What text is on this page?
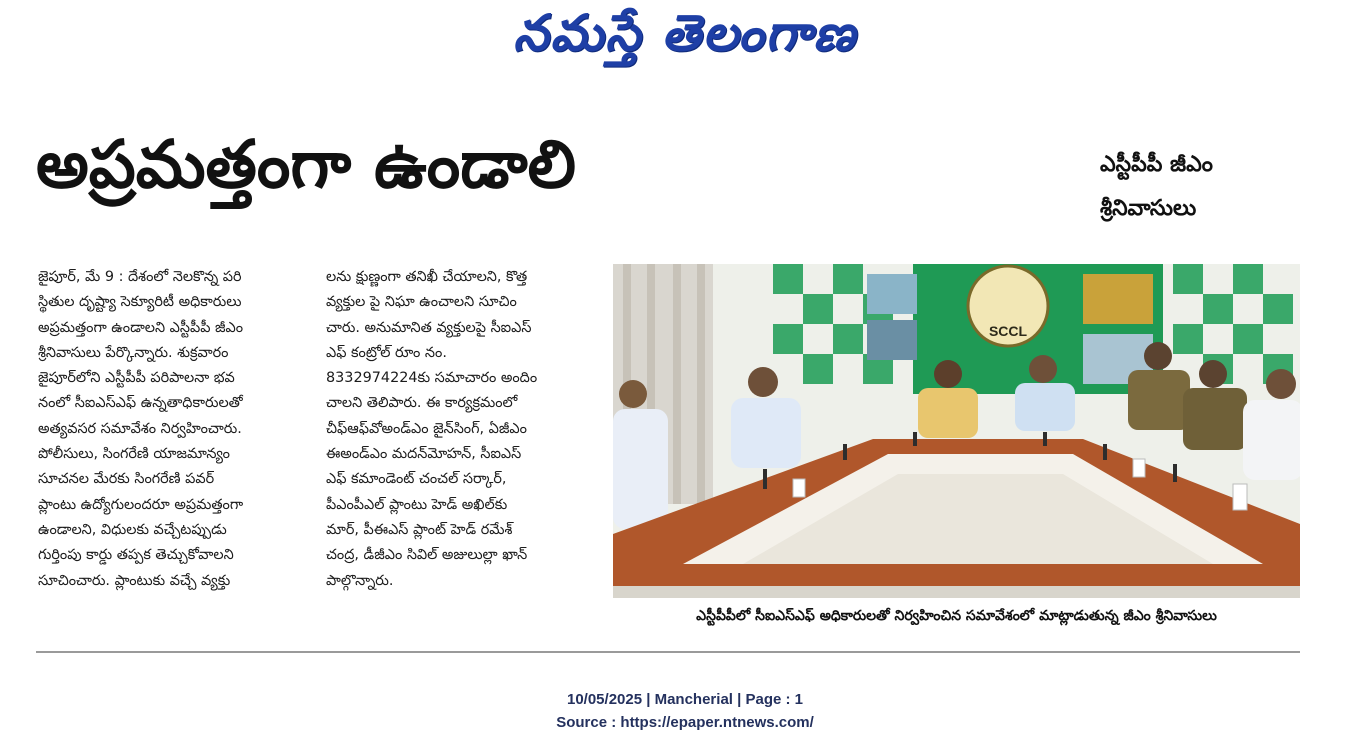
నమస్తే తెలంగాణ
అప్రమత్తంగా ఉండాలి	ఎస్టీపీపీ జీఎం
శ్రీనివాసులు
జైపూర్, మే 9 : దేశంలో నెలకొన్న పరి
స్థితుల దృష్ట్యా సెక్యూరిటీ అధికారులు
అప్రమత్తంగా ఉండాలని ఎస్టీపీపీ జీఎం
శ్రీనివాసులు పేర్కొన్నారు. శుక్రవారం
జైపూర్‌లోని ఎస్టీపీపీ పరిపాలనా భవ
నంలో సీఐఎస్ఎఫ్ ఉన్నతాధికారులతో
అత్యవసర సమావేశం నిర్వహించారు.
పోలీసులు, సింగరేణి యాజమాన్యం
సూచనల మేరకు సింగరేణి పవర్
ప్లాంటు ఉద్యోగులందరూ అప్రమత్తంగా
ఉండాలని, విధులకు వచ్చేటప్పుడు
గుర్తింపు కార్డు తప్పక తెచ్చుకోవాలని
సూచించారు. ప్లాంటుకు వచ్చే వ్యక్తు
లను క్షుణ్ణంగా తనిఖీ చేయాలని, కొత్త
వ్యక్తుల పై నిఘా ఉంచాలని సూచిం
చారు. అనుమానిత వ్యక్తులపై సీఐఎస్
ఎఫ్ కంట్రోల్ రూం నం.
8332974224కు సమాచారం అందిం
చాలని తెలిపారు. ఈ కార్యక్రమంలో
చీఫ్‌ఆఫ్‌వోఅండ్‌ఎం జైన్‌సింగ్, ఏజీఎం
ఈఅండ్ఎం మదన్‌మోహన్, సీఐఎస్
ఎఫ్ కమాండెంట్ చంచల్ సర్కార్,
పీఎంపీఎల్ ప్లాంటు హెడ్ అఖిల్‌కు
మార్, పీఈఎస్ ప్లాంట్ హెడ్ రమేశ్
చంద్ర, డీజీఎం సివిల్ అజులుల్లా ఖాన్
పాల్గొన్నారు.
SCCL
ఎస్టీపీపీలో సీఐఎస్ఎఫ్ అధికారులతో నిర్వహించిన సమావేశంలో మాట్లాడుతున్న జీఎం శ్రీనివాసులు
10/05/2025 | Mancherial | Page : 1
Source : https://epaper.ntnews.com/
